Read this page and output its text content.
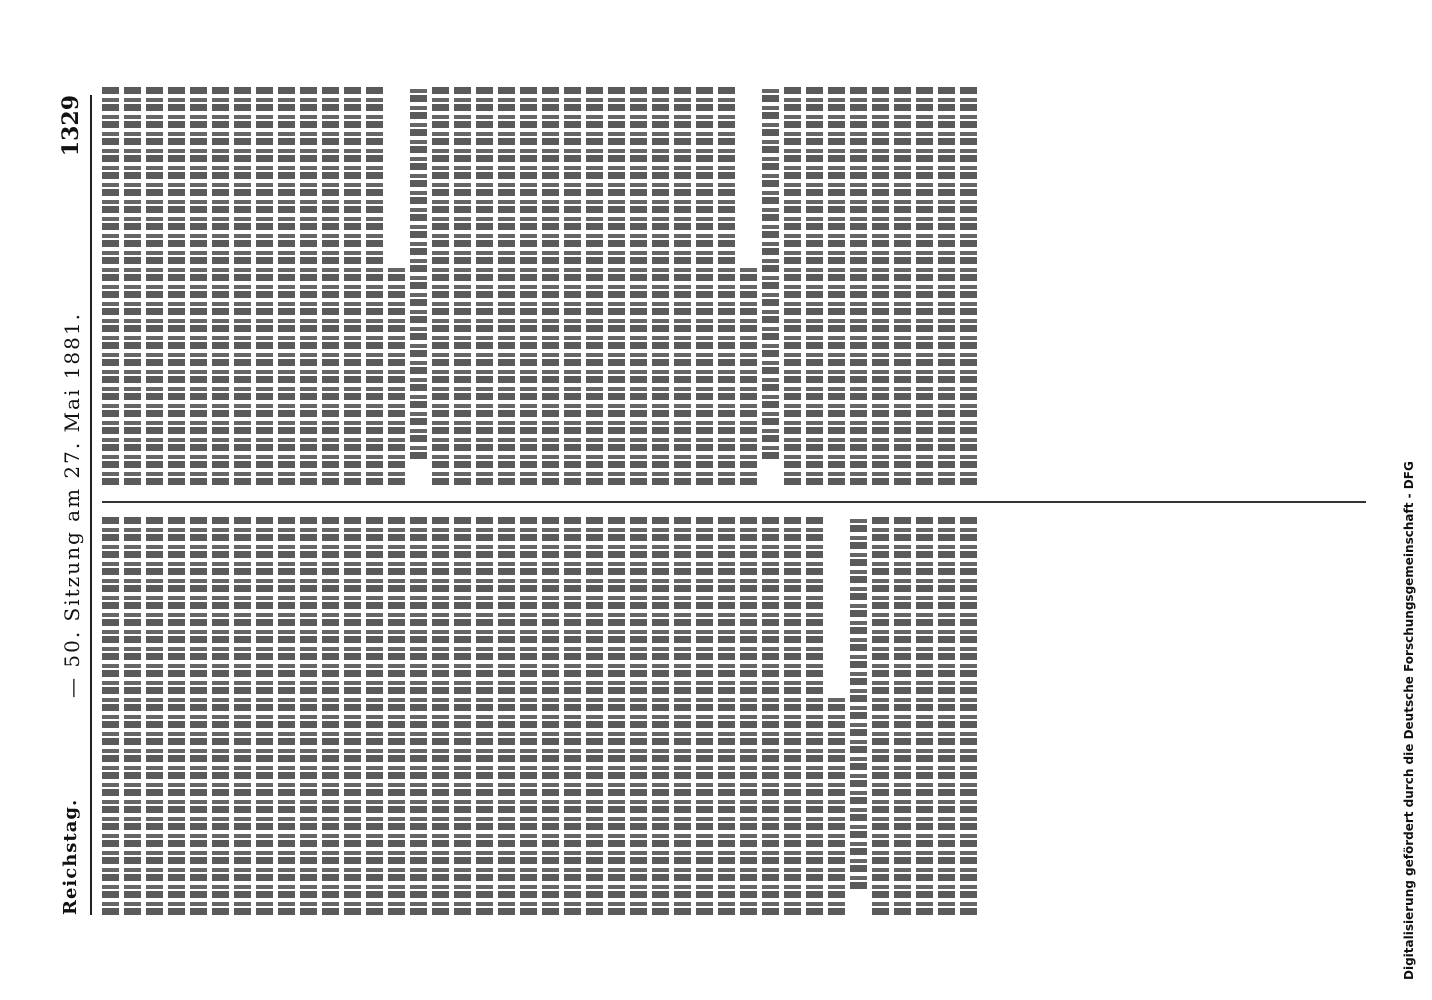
Reichstag.
— 50. Sitzung am 27. Mai 1881.
1329
Digitalisierung gefördert durch die Deutsche Forschungsgemeinschaft - DFG
